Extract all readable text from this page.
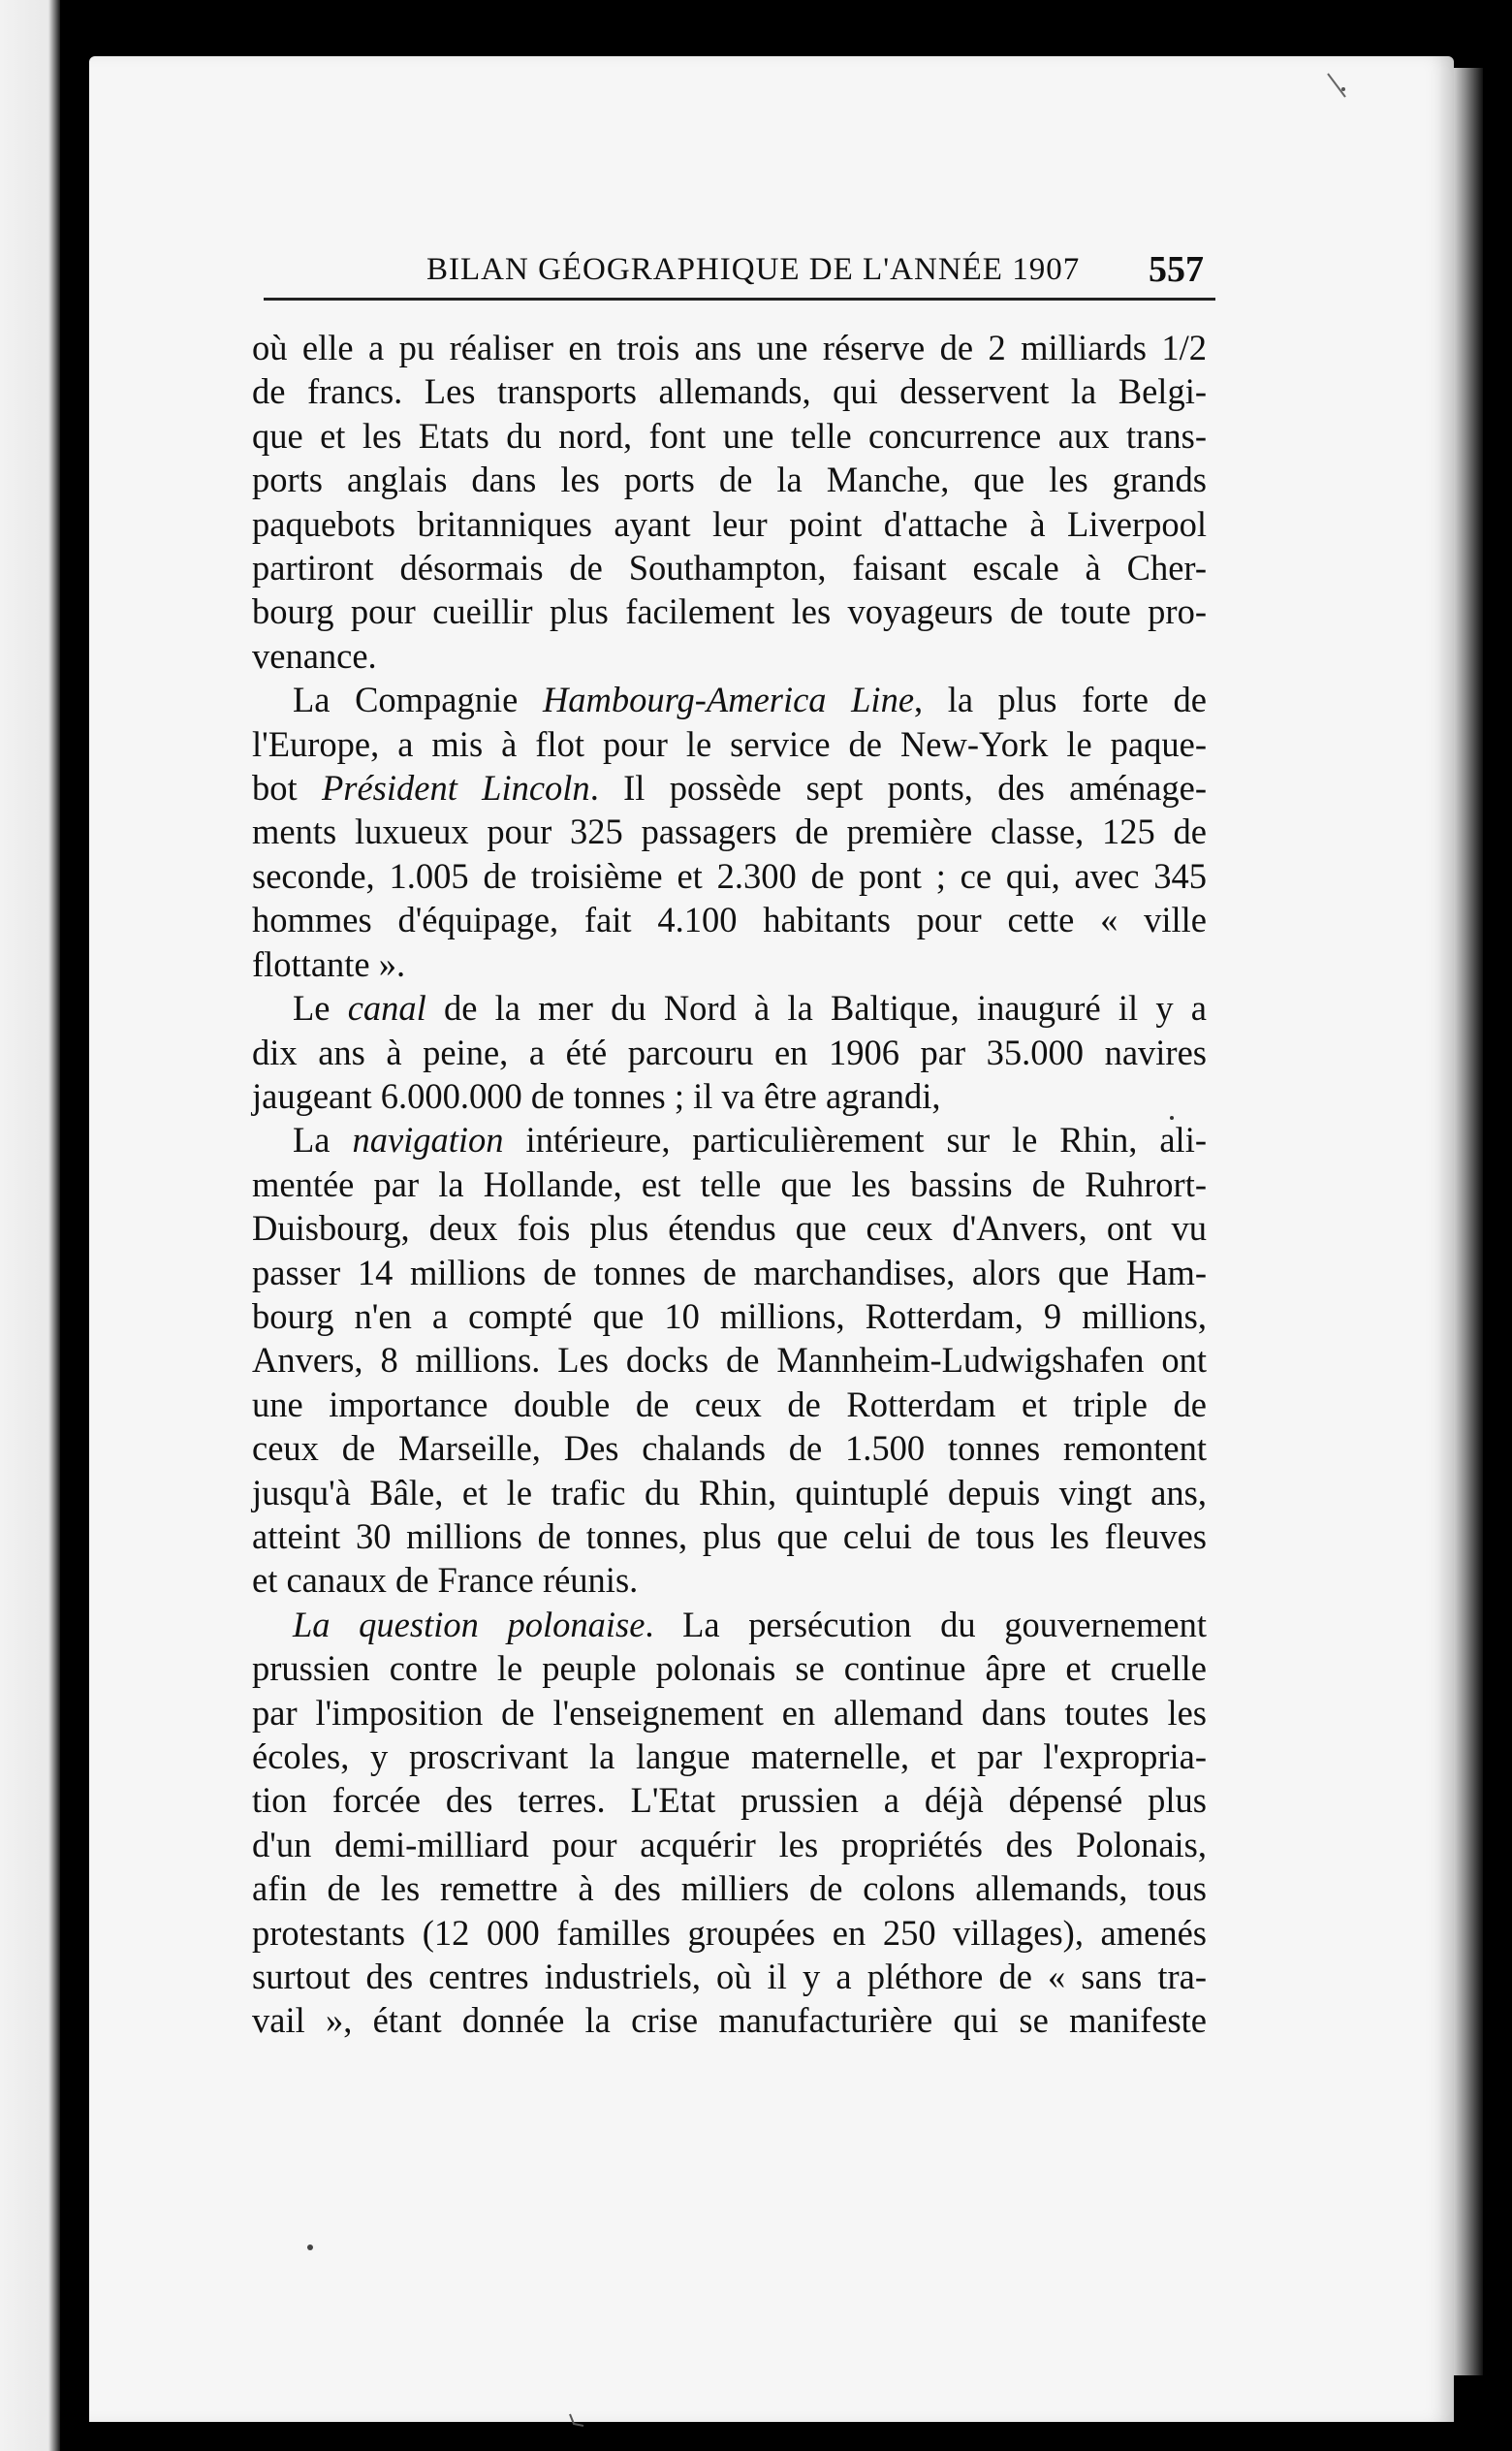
BILAN GÉOGRAPHIQUE DE L'ANNÉE 1907 557
où elle a pu réaliser en trois ans une réserve de 2 milliards 1/2
de francs. Les transports allemands, qui desservent la Belgi-
que et les Etats du nord, font une telle concurrence aux trans-
ports anglais dans les ports de la Manche, que les grands
paquebots britanniques ayant leur point d'attache à Liverpool
partiront désormais de Southampton, faisant escale à Cher-
bourg pour cueillir plus facilement les voyageurs de toute pro-
venance.
La Compagnie Hambourg-America Line, la plus forte de
l'Europe, a mis à flot pour le service de New-York le paque-
bot Président Lincoln. Il possède sept ponts, des aménage-
ments luxueux pour 325 passagers de première classe, 125 de
seconde, 1.005 de troisième et 2.300 de pont ; ce qui, avec 345
hommes d'équipage, fait 4.100 habitants pour cette « ville
flottante ».
Le canal de la mer du Nord à la Baltique, inauguré il y a
dix ans à peine, a été parcouru en 1906 par 35.000 navires
jaugeant 6.000.000 de tonnes ; il va être agrandi,
La navigation intérieure, particulièrement sur le Rhin, ali-
mentée par la Hollande, est telle que les bassins de Ruhrort-
Duisbourg, deux fois plus étendus que ceux d'Anvers, ont vu
passer 14 millions de tonnes de marchandises, alors que Ham-
bourg n'en a compté que 10 millions, Rotterdam, 9 millions,
Anvers, 8 millions. Les docks de Mannheim-Ludwigshafen ont
une importance double de ceux de Rotterdam et triple de
ceux de Marseille, Des chalands de 1.500 tonnes remontent
jusqu'à Bâle, et le trafic du Rhin, quintuplé depuis vingt ans,
atteint 30 millions de tonnes, plus que celui de tous les fleuves
et canaux de France réunis.
La question polonaise. La persécution du gouvernement
prussien contre le peuple polonais se continue âpre et cruelle
par l'imposition de l'enseignement en allemand dans toutes les
écoles, y proscrivant la langue maternelle, et par l'expropria-
tion forcée des terres. L'Etat prussien a déjà dépensé plus
d'un demi-milliard pour acquérir les propriétés des Polonais,
afin de les remettre à des milliers de colons allemands, tous
protestants (12 000 familles groupées en 250 villages), amenés
surtout des centres industriels, où il y a pléthore de « sans tra-
vail », étant donnée la crise manufacturière qui se manifeste
